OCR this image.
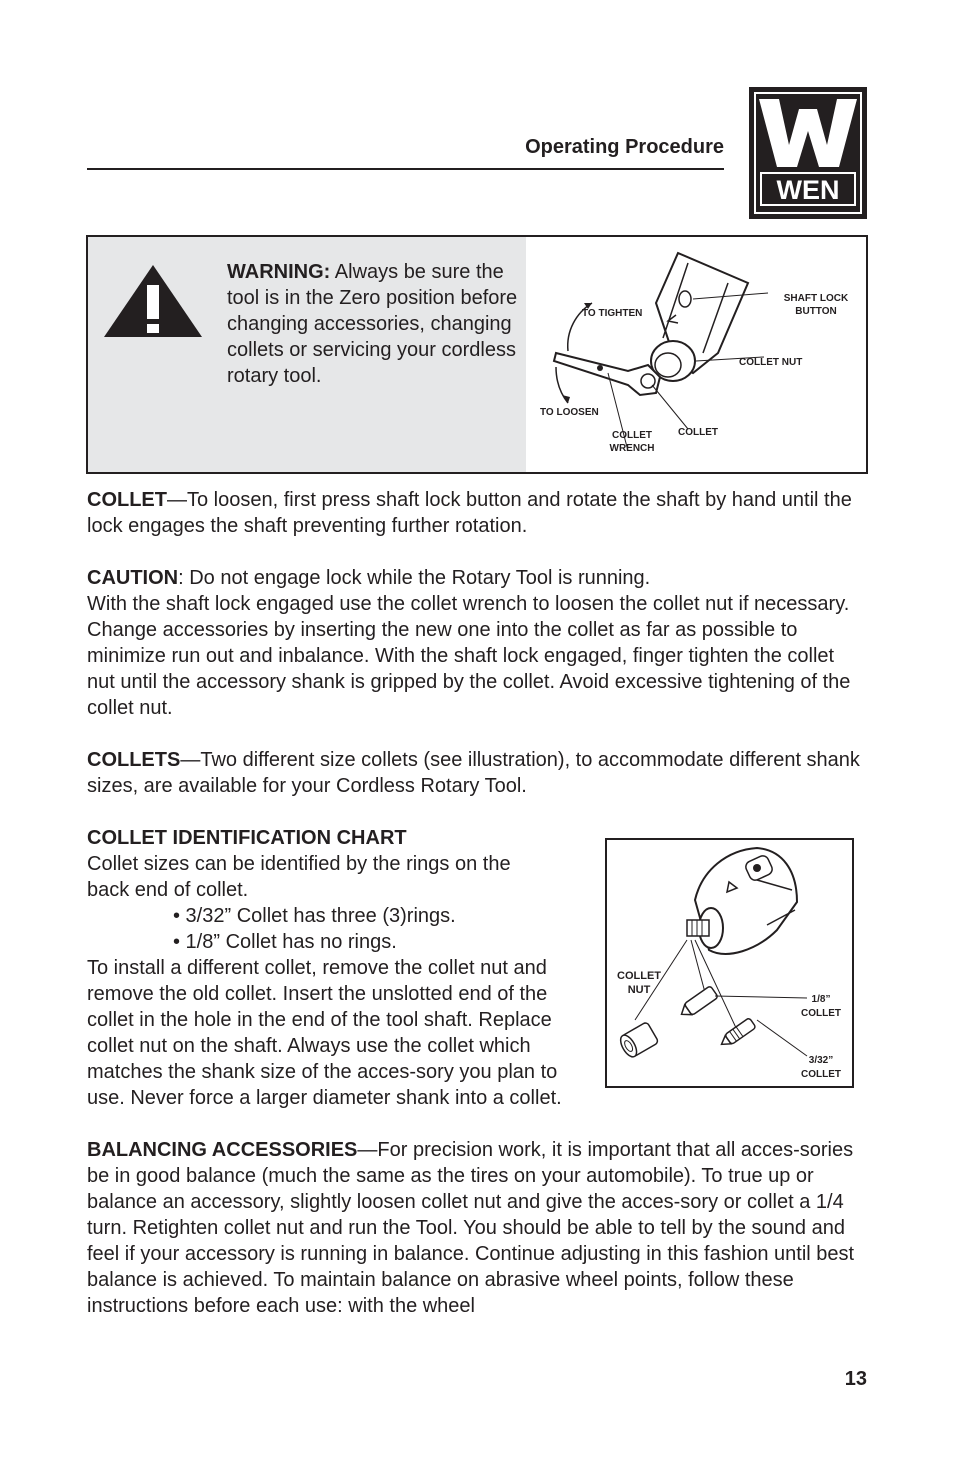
Operating Procedure
WEN
WARNING: Always be sure the tool is in the Zero position before changing accessories, changing collets or servicing your cordless rotary tool.
TO TIGHTEN
SHAFT LOCK
BUTTON
COLLET NUT
TO LOOSEN
COLLET
WRENCH
COLLET

COLLET—To loosen, first press shaft lock button and rotate the shaft by hand until the lock engages the shaft preventing further rotation.

CAUTION: Do not engage lock while the Rotary Tool is running.
With the shaft lock engaged use the collet wrench to loosen the collet nut if necessary. Change accessories by inserting the new one into the collet as far as possible to minimize run out and inbalance. With the shaft lock engaged, finger tighten the collet nut until the accessory shank is gripped by the collet. Avoid excessive tightening of the collet nut.

COLLETS—Two different size collets (see illustration), to accommodate different shank sizes, are available for your Cordless Rotary Tool.

COLLET IDENTIFICATION CHART
Collet sizes can be identified by the rings on the back end of collet.
• 3/32” Collet has three (3)rings.
• 1/8” Collet has no rings.
To install a different collet, remove the collet nut and remove the old collet. Insert the unslotted end of the collet in the hole in the end of the tool shaft. Replace collet nut on the shaft. Always use the collet which matches the shank size of the acces-sory you plan to use. Never force a larger diameter shank into a collet.
COLLET
NUT
1/8”
COLLET
3/32”
COLLET

BALANCING ACCESSORIES—For precision work, it is important that all acces-sories be in good balance (much the same as the tires on your automobile). To true up or balance an accessory, slightly loosen collet nut and give the acces-sory or collet a 1/4 turn. Retighten collet nut and run the Tool. You should be able to tell by the sound and feel if your accessory is running in balance. Continue adjusting in this fashion until best balance is achieved. To maintain balance on abrasive wheel points, follow these instructions before each use: with the wheel

13
